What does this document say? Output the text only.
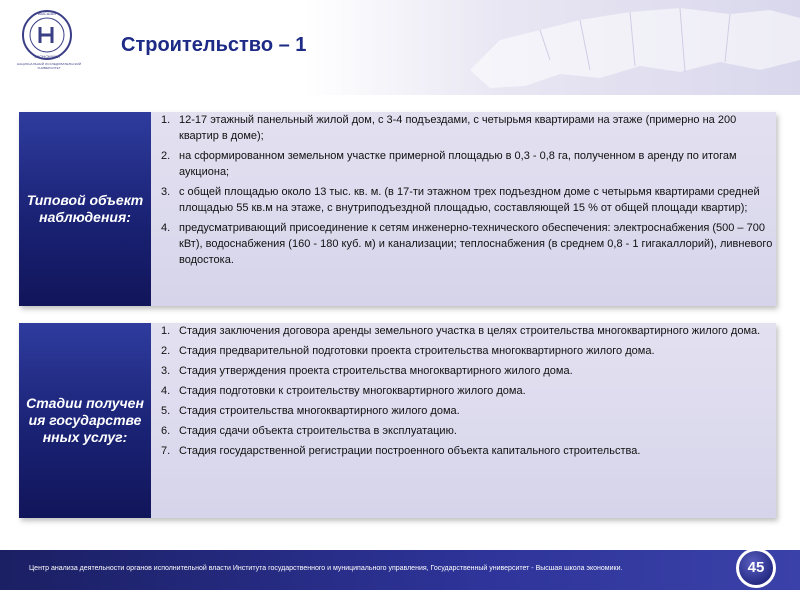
ВЫСШАЯ
ЭКОНОМИКИ
НАЦИОНАЛЬНЫЙ ИССЛЕДОВАТЕЛЬСКИЙ УНИВЕРСИТЕТ
Строительство – 1
Типовой объект наблюдения:
1. 12-17 этажный панельный жилой дом, с 3-4 подъездами, с четырьмя квартирами на этаже (примерно на 200 квартир в доме);
2. на сформированном земельном участке примерной площадью в 0,3 - 0,8 га, полученном в аренду по итогам аукциона;
3. с общей площадью около 13 тыс. кв. м. (в 17-ти этажном трех подъездном доме с четырьмя квартирами средней площадью 55 кв.м на этаже, с внутриподъездной площадью, составляющей 15 % от общей площади квартир);
4. предусматривающий присоединение к сетям инженерно-технического обеспечения: электроснабжения (500 – 700 кВт), водоснабжения (160 - 180 куб. м) и канализации; теплоснабжения (в среднем 0,8 - 1 гигакаллорий), ливневого водостока.
Стадии получения государственных услуг:
1. Стадия заключения договора аренды земельного участка в целях строительства многоквартирного жилого дома.
2. Стадия предварительной подготовки проекта строительства многоквартирного жилого дома.
3. Стадия утверждения проекта строительства многоквартирного жилого дома.
4. Стадия подготовки к строительству многоквартирного жилого дома.
5. Стадия строительства многоквартирного жилого дома.
6. Стадия сдачи объекта строительства в эксплуатацию.
7. Стадия государственной регистрации построенного объекта капитального строительства.
Центр анализа деятельности органов исполнительной власти Института государственного и муниципального управления, Государственный университет - Высшая школа экономики.	45
